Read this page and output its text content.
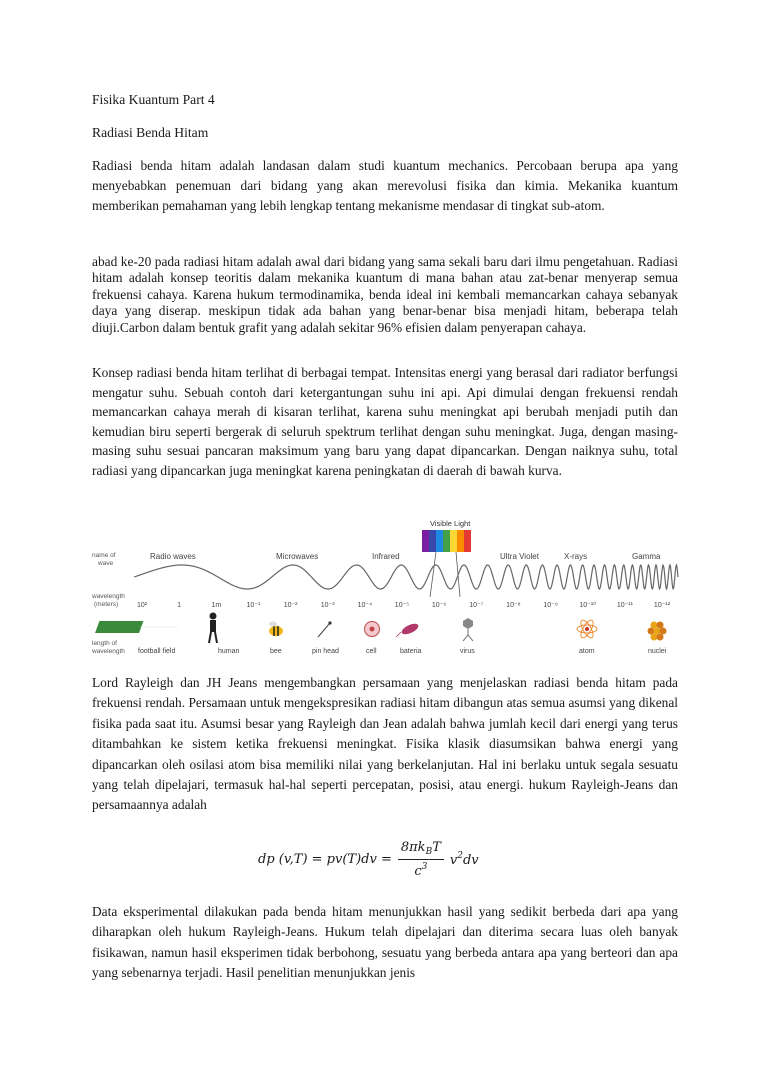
Fisika Kuantum Part 4
Radiasi Benda Hitam

Radiasi benda hitam adalah landasan dalam studi kuantum mechanics. Percobaan berupa apa yang menyebabkan penemuan dari bidang yang akan merevolusi fisika dan kimia. Mekanika kuantum memberikan pemahaman yang lebih lengkap tentang mekanisme mendasar di tingkat sub-atom.

abad ke-20 pada radiasi hitam adalah awal dari bidang yang sama sekali baru dari ilmu pengetahuan. Radiasi hitam adalah konsep teoritis dalam mekanika kuantum di mana bahan atau zat-benar menyerap semua frekuensi cahaya. Karena hukum termodinamika, benda ideal ini kembali memancarkan cahaya sebanyak daya yang diserap. meskipun tidak ada bahan yang benar-benar bisa menjadi hitam, beberapa telah diuji.Carbon dalam bentuk grafit yang adalah sekitar 96% efisien dalam penyerapan cahaya.

Konsep radiasi benda hitam terlihat di berbagai tempat. Intensitas energi yang berasal dari radiator berfungsi mengatur suhu. Sebuah contoh dari ketergantungan suhu ini api. Api dimulai dengan frekuensi rendah memancarkan cahaya merah di kisaran terlihat, karena suhu meningkat api berubah menjadi putih dan kemudian biru seperti bergerak di seluruh spektrum terlihat dengan suhu meningkat. Juga, dengan masing-masing suhu sesuai pancaran maksimum yang baru yang dapat dipancarkan. Dengan naiknya suhu, total radiasi yang dipancarkan juga meningkat karena peningkatan di daerah di bawah kurva.

name of wave
wavelength (meters)
length of wavelength
Radio waves	Microwaves	Infrared	Ultra Violet	X-rays	Gamma
Visible Light
10²	1	1m	10⁻¹	10⁻²	10⁻³	10⁻⁴	10⁻⁵	10⁻⁶	10⁻⁷	10⁻⁸	10⁻⁹	10⁻¹⁰	10⁻¹¹	10⁻¹²
football field	human	bee	pin head	cell	bateria	virus	atom	nuclei

Lord Rayleigh dan JH Jeans mengembangkan persamaan yang menjelaskan radiasi benda hitam pada frekuensi rendah. Persamaan untuk mengekspresikan radiasi hitam dibangun atas semua asumsi yang dikenal fisika pada saat itu. Asumsi besar yang Rayleigh dan Jean adalah bahwa jumlah kecil dari energi yang terus ditambahkan ke sistem ketika frekuensi meningkat. Fisika klasik diasumsikan bahwa energi yang dipancarkan oleh osilasi atom bisa memiliki nilai yang berkelanjutan. Hal ini berlaku untuk segala sesuatu yang telah dipelajari, termasuk hal-hal seperti percepatan, posisi, atau energi. hukum Rayleigh-Jeans dan persamaannya adalah

dp $(v,T) = pv(T)dv = \frac{8\pi k_BT}{c^3} v^2dv$

Data eksperimental dilakukan pada benda hitam menunjukkan hasil yang sedikit berbeda dari apa yang diharapkan oleh hukum Rayleigh-Jeans. Hukum telah dipelajari dan diterima secara luas oleh banyak fisikawan, namun hasil eksperimen tidak berbohong, sesuatu yang berbeda antara apa yang berteori dan apa yang sebenarnya terjadi. Hasil penelitian menunjukkan jenis
